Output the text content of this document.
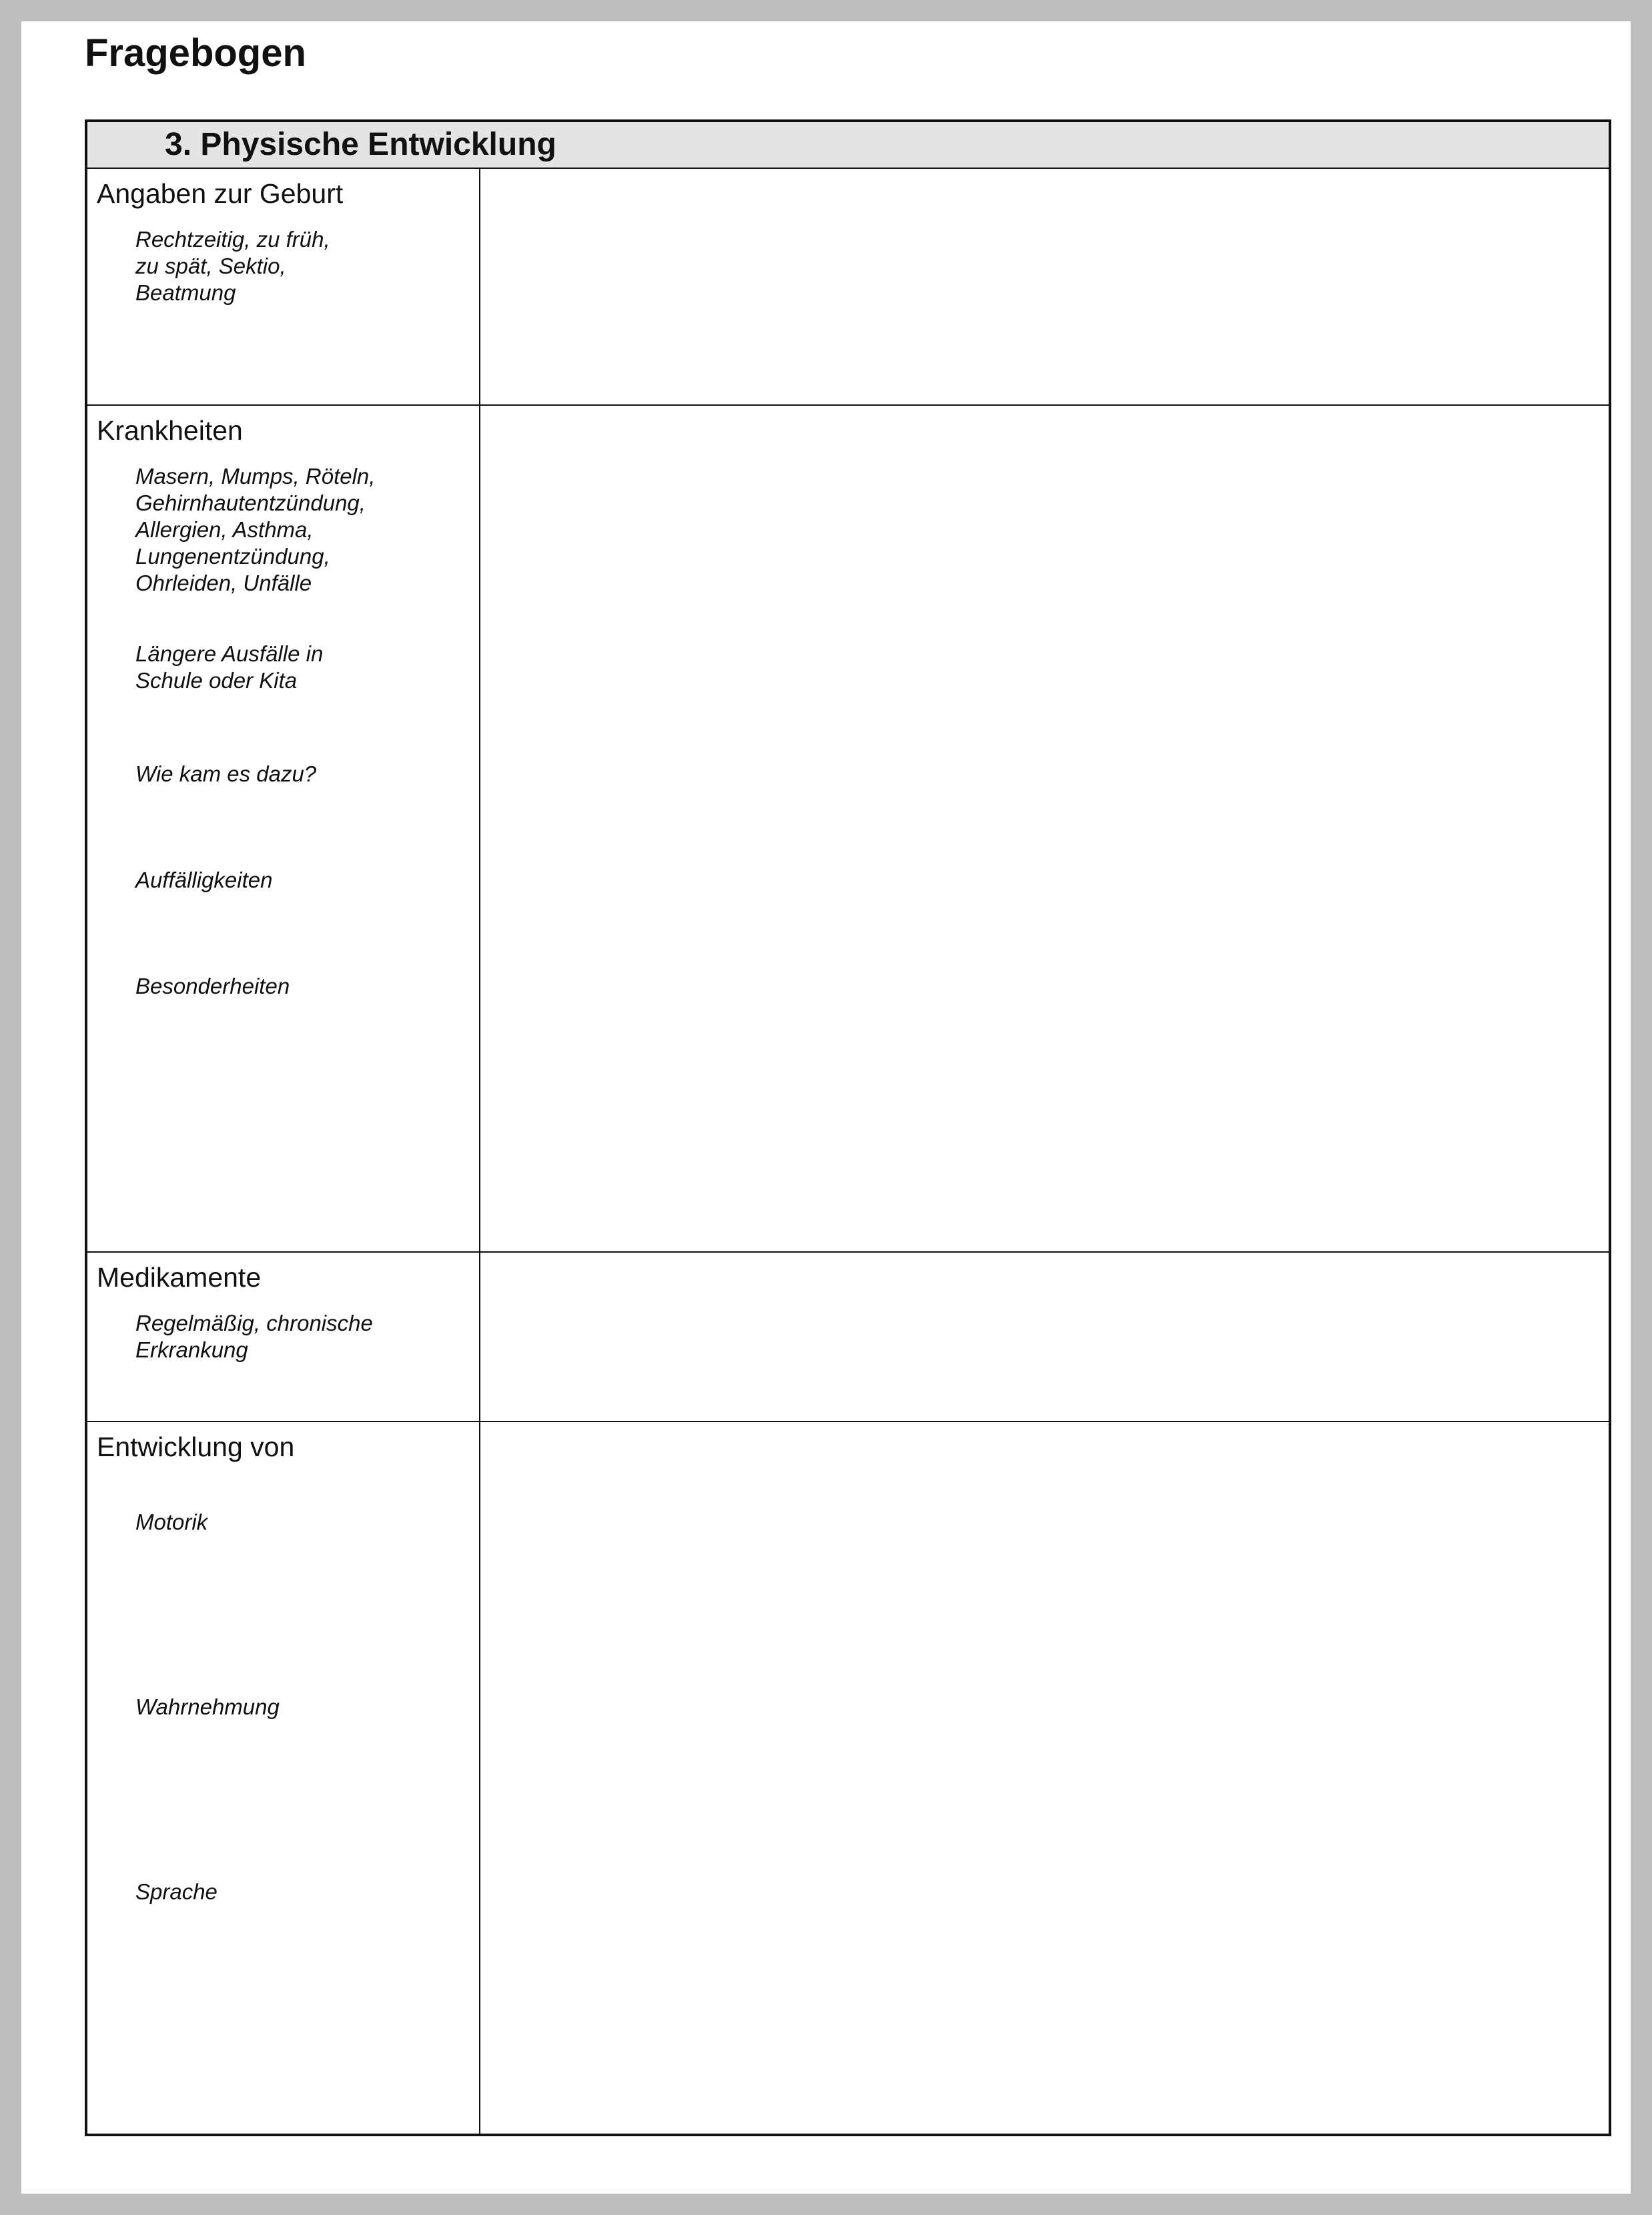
Fragebogen
3. Physische Entwicklung

Angaben zur Geburt

Rechtzeitig, zu früh,
zu spät, Sektio,
Beatmung

Krankheiten

Masern, Mumps, Röteln,
Gehirnhautentzündung,
Allergien, Asthma,
Lungenentzündung,
Ohrleiden, Unfälle

Längere Ausfälle in
Schule oder Kita

Wie kam es dazu?

Auffälligkeiten

Besonderheiten

Medikamente

Regelmäßig, chronische
Erkrankung

Entwicklung von

Motorik

Wahrnehmung

Sprache
